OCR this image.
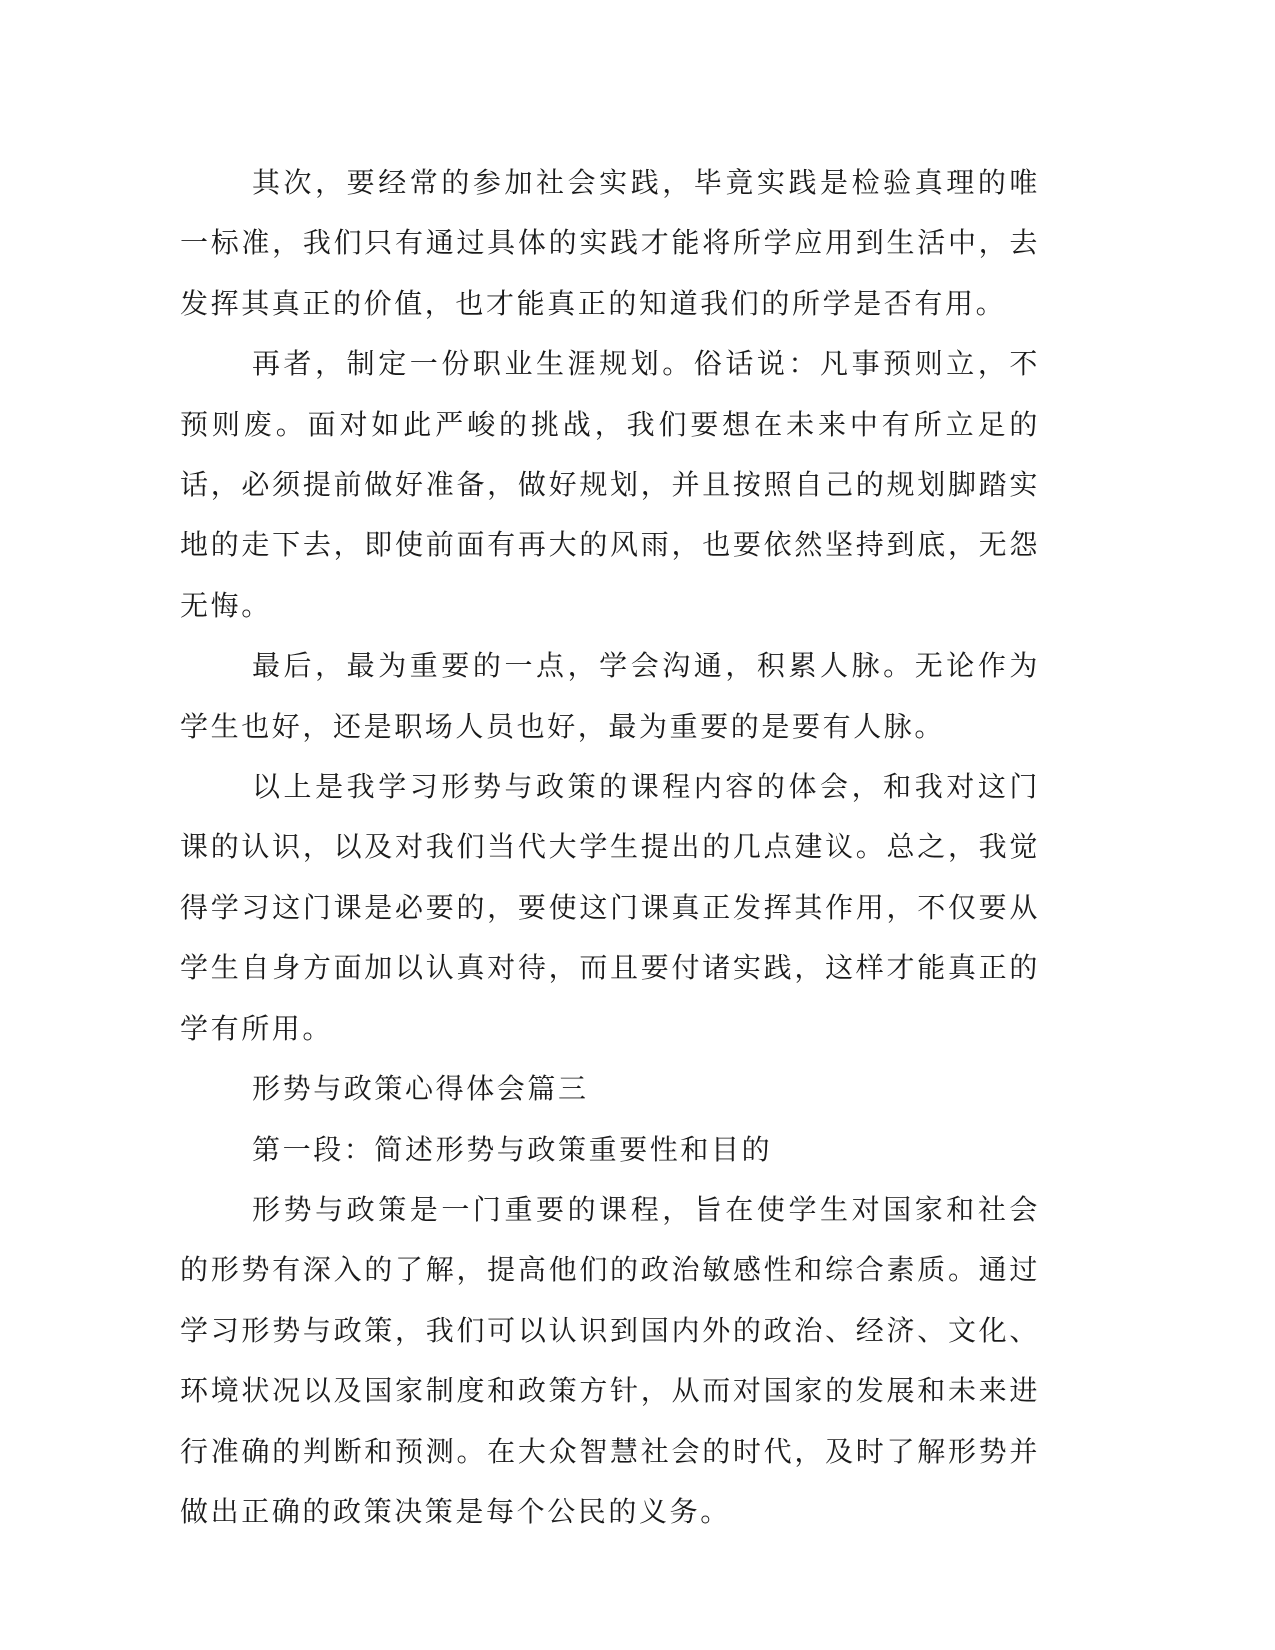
其次，要经常的参加社会实践，毕竟实践是检验真理的唯一标准，我们只有通过具体的实践才能将所学应用到生活中，去发挥其真正的价值，也才能真正的知道我们的所学是否有用。

再者，制定一份职业生涯规划。俗话说：凡事预则立，不预则废。面对如此严峻的挑战，我们要想在未来中有所立足的话，必须提前做好准备，做好规划，并且按照自己的规划脚踏实地的走下去，即使前面有再大的风雨，也要依然坚持到底，无怨无悔。

最后，最为重要的一点，学会沟通，积累人脉。无论作为学生也好，还是职场人员也好，最为重要的是要有人脉。

以上是我学习形势与政策的课程内容的体会，和我对这门课的认识，以及对我们当代大学生提出的几点建议。总之，我觉得学习这门课是必要的，要使这门课真正发挥其作用，不仅要从学生自身方面加以认真对待，而且要付诸实践，这样才能真正的学有所用。

形势与政策心得体会篇三

第一段：简述形势与政策重要性和目的

形势与政策是一门重要的课程，旨在使学生对国家和社会的形势有深入的了解，提高他们的政治敏感性和综合素质。通过学习形势与政策，我们可以认识到国内外的政治、经济、文化、环境状况以及国家制度和政策方针，从而对国家的发展和未来进行准确的判断和预测。在大众智慧社会的时代，及时了解形势并做出正确的政策决策是每个公民的义务。
